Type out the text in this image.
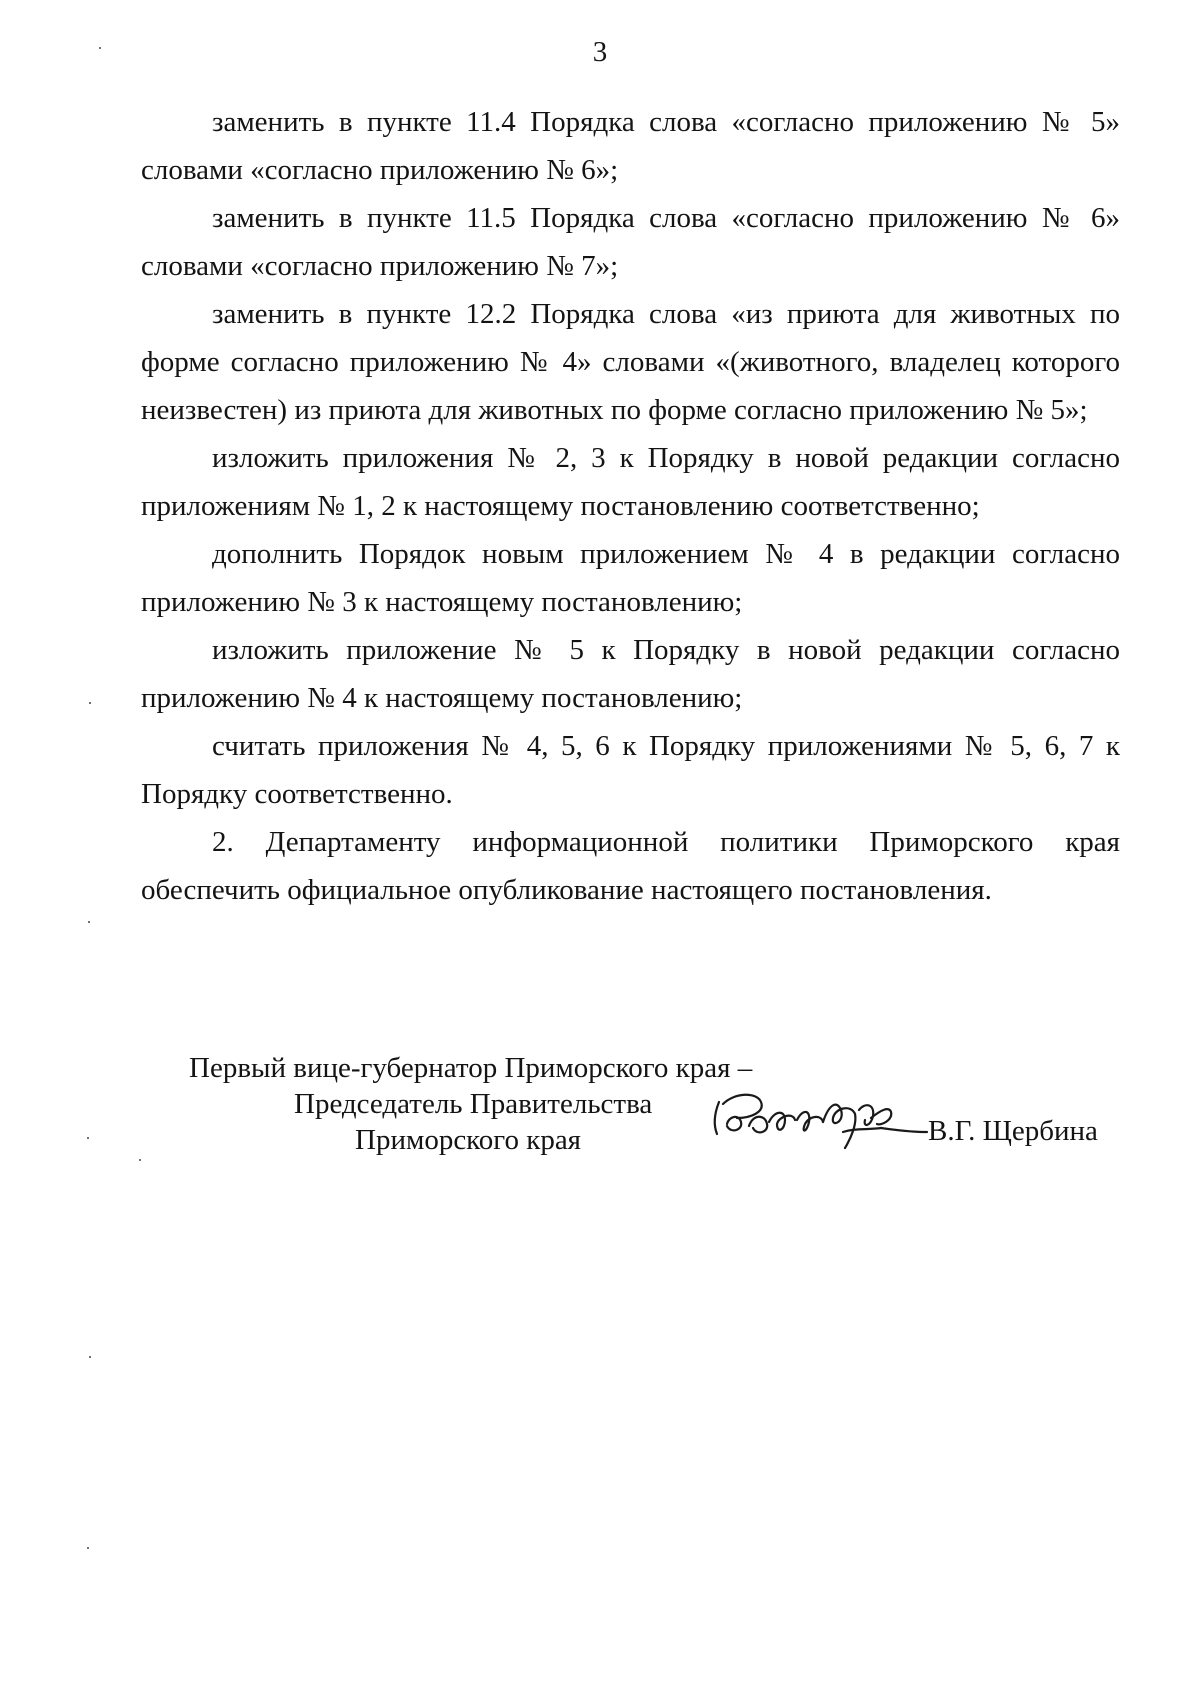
3

заменить в пункте 11.4 Порядка слова «согласно приложению № 5» словами «согласно приложению № 6»;

заменить в пункте 11.5 Порядка слова «согласно приложению № 6» словами «согласно приложению № 7»;

заменить в пункте 12.2 Порядка слова «из приюта для животных по форме согласно приложению № 4» словами «(животного, владелец которого неизвестен) из приюта для животных по форме согласно приложению № 5»;

изложить приложения № 2, 3 к Порядку в новой редакции согласно приложениям № 1, 2 к настоящему постановлению соответственно;

дополнить Порядок новым приложением № 4 в редакции согласно приложению № 3 к настоящему постановлению;

изложить приложение № 5 к Порядку в новой редакции согласно приложению № 4 к настоящему постановлению;

считать приложения № 4, 5, 6 к Порядку приложениями № 5, 6, 7 к Порядку соответственно.

2. Департаменту информационной политики Приморского края

обеспечить официальное опубликование настоящего постановления.

Первый вице-губернатор Приморского края –
Председатель Правительства
Приморского края	В.Г. Щербина
